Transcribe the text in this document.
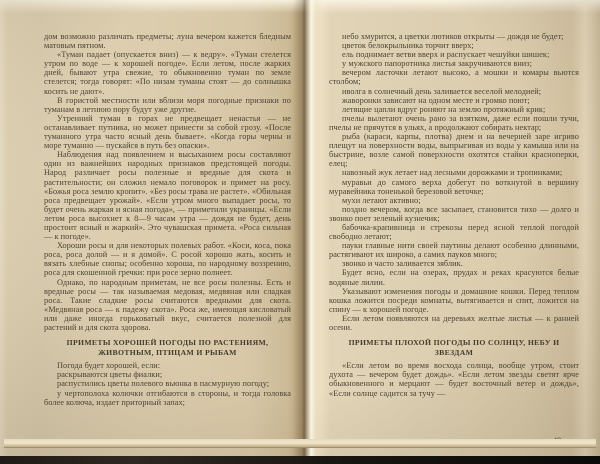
дом возможно различать предметы; луна вечером кажется бледным матовым пятном.
«Туман падает (опускается вниз) — к ведру». «Туман стелется утром по воде — к хорошей погоде». Если летом, после жарких дней, бывают утра свежие, то обыкновенно туман по земле стелется; тогда говорят: «По низам туманы стоят — до солнышка косить не дают».
В гористой местности или вблизи моря погодные признаки по туманам в летнюю пору будут уже другие.
Утренний туман в горах не предвещает ненастья — не останавливает путника, но может принести за собой грозу. «После туманного утра часто ясный день бывает». «Когда горы черны и море туманно — пускайся в путь без опаски».
Наблюдения над появлением и высыханием росы составляют один из важнейших народных признаков предстоящей погоды. Народ различает росы полезные и вредные для скота и растительности; он сложил немало поговорок и примет на росу. «Божья роса землю кропит». «Без росы трава не растет». «Обильная роса предвещает урожай». «Если утром много выпадает росы, то будет очень жаркая и ясная погода», — приметили украинцы. «Если летом роса высохнет к 8—9 часам утра — дождя не будет, день простоит ясный и жаркий». Это чувашская примета. «Роса сильная — к погоде».
Хороши росы и для некоторых полевых работ. «Коси, коса, пока роса, роса долой — и я домой». С росой хорошо жать, косить и вязать хлебные снопы; особенно хороша, по народному воззрению, роса для скошенной гречки: при росе зерно полнеет.
Однако, по народным приметам, не все росы полезны. Есть и вредные росы — так называемая медовая, медвяная или сладкая роса. Такие сладкие росы считаются вредными для скота. «Медвяная роса — к падежу скота». Роса же, имеющая кисловатый или даже иногда горьковатый вкус, считается полезной для растений и для скота здорова.
ПРИМЕТЫ ХОРОШЕЙ ПОГОДЫ ПО РАСТЕНИЯМ,
ЖИВОТНЫМ, ПТИЦАМ И РЫБАМ
Погода будет хорошей, если:
раскрываются цветы фиалки;
распустились цветы полевого вьюнка в пасмурную погоду;
у чертополоха колючки отгибаются в стороны, и тогда головка более колюча, издает приторный запах;
небо хмурится, а цветки лютиков открыты — дождя не будет;
цветок белокрыльника торчит вверх;
ель поднимает ветви вверх и распускает чешуйки шишек;
у мужского папоротника листья закручиваются вниз;
вечером ласточки летают высоко, а мошки и комары вьются столбом;
иволга в солнечный день заливается веселой мелодией;
жаворонки зависают на одном месте и громко поют;
летящие цапли вдруг роняют на землю протяжный крик;
пчелы вылетают очень рано за взятком, даже если пошли тучи, пчелы не прячутся в ульях, а продолжают собирать нектар;
рыба (караси, карпы, плотва) днем и на вечерней заре игриво плещут на поверхности воды, выпрыгивая из воды у камыша или на быстрине, возле самой поверхности охотятся стайки красноперки, елец;
навозный жук летает над лесными дорожками и тропинками;
муравьи до самого верха добегут по воткнутой в вершину муравейника тоненькой березовой веточке;
мухи летают активно;
поздно вечером, когда все засыпает, становится тихо — долго и звонко поет зеленый кузнечик;
бабочка-крапивница и стрекозы перед ясной теплой погодой свободно летают;
пауки главные нити своей паутины делают особенно длинными, растягивают их широко, а самих пауков много;
звонко и часто заливается зяблик.
Будет ясно, если на озерах, прудах и реках красуются белые водяные лилии.
Указывают изменения погоды и домашние кошки. Перед теплом кошка ложится посреди комнаты, вытягивается и спит, ложится на спину — к хорошей погоде.
Если летом появляются на деревьях желтые листья — к ранней осени.
ПРИМЕТЫ ПЛОХОЙ ПОГОДЫ ПО СОЛНЦУ, НЕБУ И ЗВЕЗДАМ
«Если летом во время восхода солнца, вообще утром, стоит духота — вечером будет дождь». «Если летом звезды светят ярче обыкновенного и мерцают — будет восточный ветер и дождь», «Если солнце садится за тучу —
